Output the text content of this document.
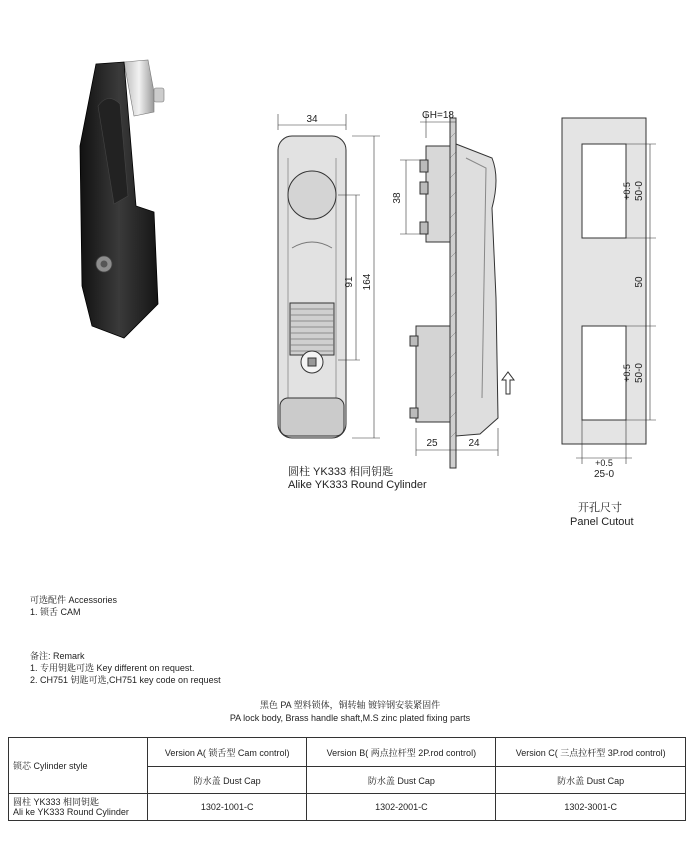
34
91 164
GH=18
38
25	24
+0.5 50-0
50
+0.5 50-0
+0.5
25-0
圆柱 YK333 相同钥匙
Alike YK333 Round Cylinder
开孔尺寸
Panel Cutout
可选配件 Accessories
1. 锁舌 CAM
备注: Remark
1. 专用钥匙可选 Key different on request.
2. CH751 钥匙可选,CH751 key code on request
黑色 PA 塑料锁体，铜转轴 镀锌钢安装紧固件
PA lock body, Brass handle shaft,M.S zinc plated fixing parts
锁芯 Cylinder style	Version A( 锁舌型 Cam control)	Version B( 两点拉杆型 2P.rod control)	Version C( 三点拉杆型 3P.rod control)
	防水盖 Dust Cap	防水盖 Dust Cap	防水盖 Dust Cap

圆柱 YK333 相同钥匙
Ali ke YK333 Round Cylinder	1302-1001-C	1302-2001-C	1302-3001-C
